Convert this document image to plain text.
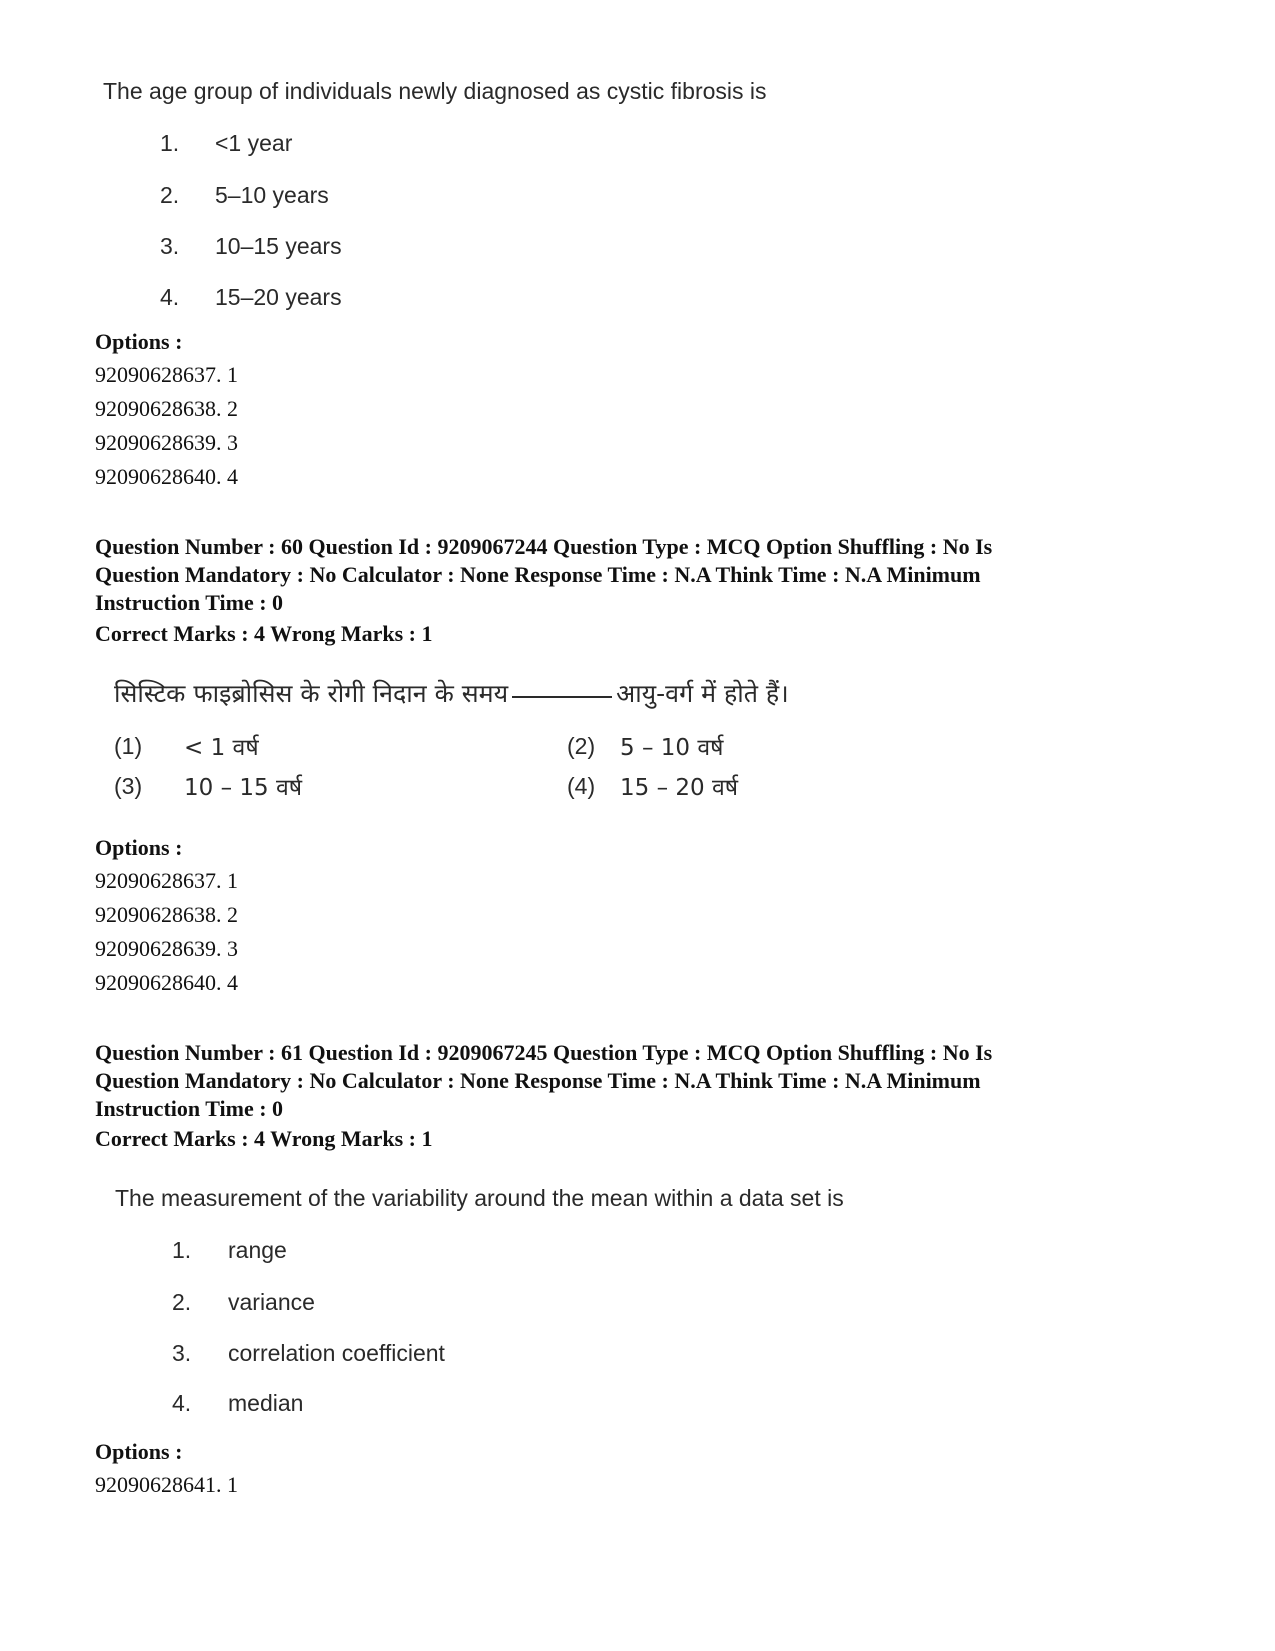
The age group of individuals newly diagnosed as cystic fibrosis is
1. <1 year
2. 5–10 years
3. 10–15 years
4. 15–20 years
Options :
92090628637. 1
92090628638. 2
92090628639. 3
92090628640. 4
Question Number : 60 Question Id : 9209067244 Question Type : MCQ Option Shuffling : No Is
Question Mandatory : No Calculator : None Response Time : N.A Think Time : N.A Minimum
Instruction Time : 0
Correct Marks : 4 Wrong Marks : 1
सिस्टिक फाइब्रोसिस के रोगी निदान के समय	आयु-वर्ग में होते हैं।
(1) < 1 वर्ष	(2) 5 – 10 वर्ष
(3) 10 – 15 वर्ष	(4) 15 – 20 वर्ष
Options :
92090628637. 1
92090628638. 2
92090628639. 3
92090628640. 4
Question Number : 61 Question Id : 9209067245 Question Type : MCQ Option Shuffling : No Is
Question Mandatory : No Calculator : None Response Time : N.A Think Time : N.A Minimum
Instruction Time : 0
Correct Marks : 4 Wrong Marks : 1
The measurement of the variability around the mean within a data set is
1. range
2. variance
3. correlation coefficient
4. median
Options :
92090628641. 1
